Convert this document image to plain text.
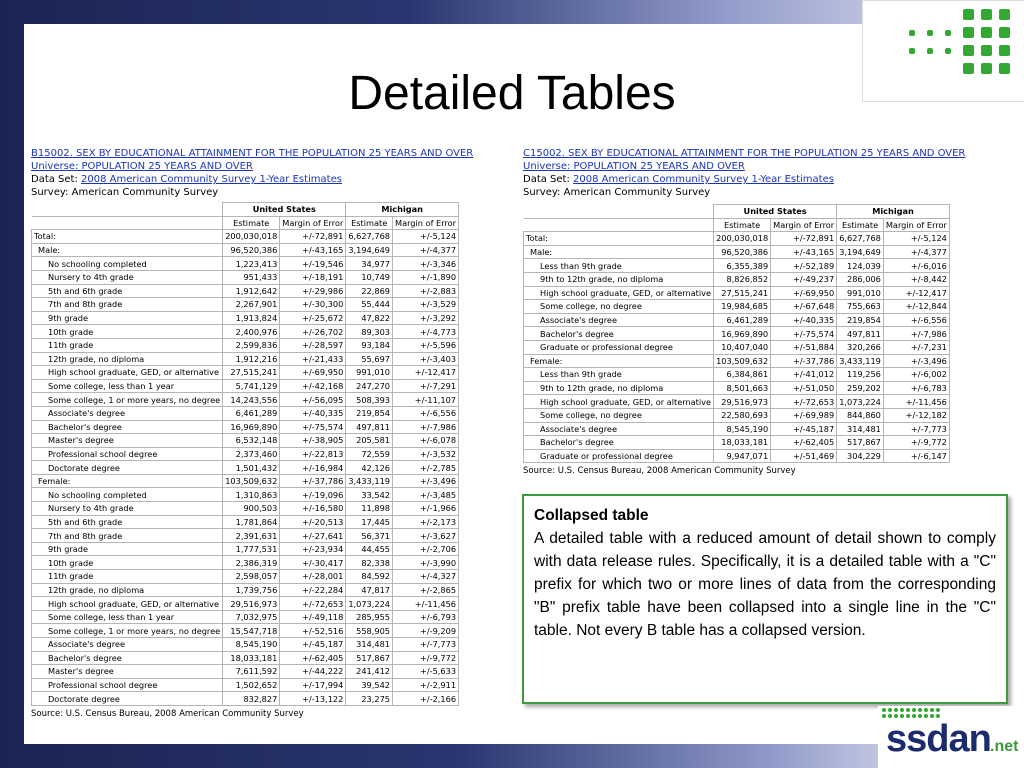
Detailed Tables
B15002. SEX BY EDUCATIONAL ATTAINMENT FOR THE POPULATION 25 YEARS AND OVER
Universe: POPULATION 25 YEARS AND OVER
Data Set: 2008 American Community Survey 1-Year Estimates
Survey: American Community Survey
	United States		Michigan	
	Estimate	Margin of Error	Estimate	Margin of Error
Total:	200,030,018	+/-72,891	6,627,768	+/-5,124
Male:	96,520,386	+/-43,165	3,194,649	+/-4,377
No schooling completed	1,223,413	+/-19,546	34,977	+/-3,346
Nursery to 4th grade	951,433	+/-18,191	10,749	+/-1,890
5th and 6th grade	1,912,642	+/-29,986	22,869	+/-2,883
7th and 8th grade	2,267,901	+/-30,300	55,444	+/-3,529
9th grade	1,913,824	+/-25,672	47,822	+/-3,292
10th grade	2,400,976	+/-26,702	89,303	+/-4,773
11th grade	2,599,836	+/-28,597	93,184	+/-5,596
12th grade, no diploma	1,912,216	+/-21,433	55,697	+/-3,403
High school graduate, GED, or alternative	27,515,241	+/-69,950	991,010	+/-12,417
Some college, less than 1 year	5,741,129	+/-42,168	247,270	+/-7,291
Some college, 1 or more years, no degree	14,243,556	+/-56,095	508,393	+/-11,107
Associate's degree	6,461,289	+/-40,335	219,854	+/-6,556
Bachelor's degree	16,969,890	+/-75,574	497,811	+/-7,986
Master's degree	6,532,148	+/-38,905	205,581	+/-6,078
Professional school degree	2,373,460	+/-22,813	72,559	+/-3,532
Doctorate degree	1,501,432	+/-16,984	42,126	+/-2,785
Female:	103,509,632	+/-37,786	3,433,119	+/-3,496
No schooling completed	1,310,863	+/-19,096	33,542	+/-3,485
Nursery to 4th grade	900,503	+/-16,580	11,898	+/-1,966
5th and 6th grade	1,781,864	+/-20,513	17,445	+/-2,173
7th and 8th grade	2,391,631	+/-27,641	56,371	+/-3,627
9th grade	1,777,531	+/-23,934	44,455	+/-2,706
10th grade	2,386,319	+/-30,417	82,338	+/-3,990
11th grade	2,598,057	+/-28,001	84,592	+/-4,327
12th grade, no diploma	1,739,756	+/-22,284	47,817	+/-2,865
High school graduate, GED, or alternative	29,516,973	+/-72,653	1,073,224	+/-11,456
Some college, less than 1 year	7,032,975	+/-49,118	285,955	+/-6,793
Some college, 1 or more years, no degree	15,547,718	+/-52,516	558,905	+/-9,209
Associate's degree	8,545,190	+/-45,187	314,481	+/-7,773
Bachelor's degree	18,033,181	+/-62,405	517,867	+/-9,772
Master's degree	7,611,592	+/-44,222	241,412	+/-5,633
Professional school degree	1,502,652	+/-17,994	39,542	+/-2,911
Doctorate degree	832,827	+/-13,122	23,275	+/-2,166
Source: U.S. Census Bureau, 2008 American Community Survey
C15002. SEX BY EDUCATIONAL ATTAINMENT FOR THE POPULATION 25 YEARS AND OVER
Universe: POPULATION 25 YEARS AND OVER
Data Set: 2008 American Community Survey 1-Year Estimates
Survey: American Community Survey
	United States		Michigan	
	Estimate	Margin of Error	Estimate	Margin of Error
Total:	200,030,018	+/-72,891	6,627,768	+/-5,124
Male:	96,520,386	+/-43,165	3,194,649	+/-4,377
Less than 9th grade	6,355,389	+/-52,189	124,039	+/-6,016
9th to 12th grade, no diploma	8,826,852	+/-49,237	286,006	+/-8,442
High school graduate, GED, or alternative	27,515,241	+/-69,950	991,010	+/-12,417
Some college, no degree	19,984,685	+/-67,648	755,663	+/-12,844
Associate's degree	6,461,289	+/-40,335	219,854	+/-6,556
Bachelor's degree	16,969,890	+/-75,574	497,811	+/-7,986
Graduate or professional degree	10,407,040	+/-51,884	320,266	+/-7,231
Female:	103,509,632	+/-37,786	3,433,119	+/-3,496
Less than 9th grade	6,384,861	+/-41,012	119,256	+/-6,002
9th to 12th grade, no diploma	8,501,663	+/-51,050	259,202	+/-6,783
High school graduate, GED, or alternative	29,516,973	+/-72,653	1,073,224	+/-11,456
Some college, no degree	22,580,693	+/-69,989	844,860	+/-12,182
Associate's degree	8,545,190	+/-45,187	314,481	+/-7,773
Bachelor's degree	18,033,181	+/-62,405	517,867	+/-9,772
Graduate or professional degree	9,947,071	+/-51,469	304,229	+/-6,147
Source: U.S. Census Bureau, 2008 American Community Survey
Collapsed table
A detailed table with a reduced amount of detail shown to comply with data release rules. Specifically, it is a detailed table with a "C" prefix for which two or more lines of data from the corresponding "B" prefix table have been collapsed into a single line in the "C" table. Not every B table has a collapsed version.
ssdan .net
